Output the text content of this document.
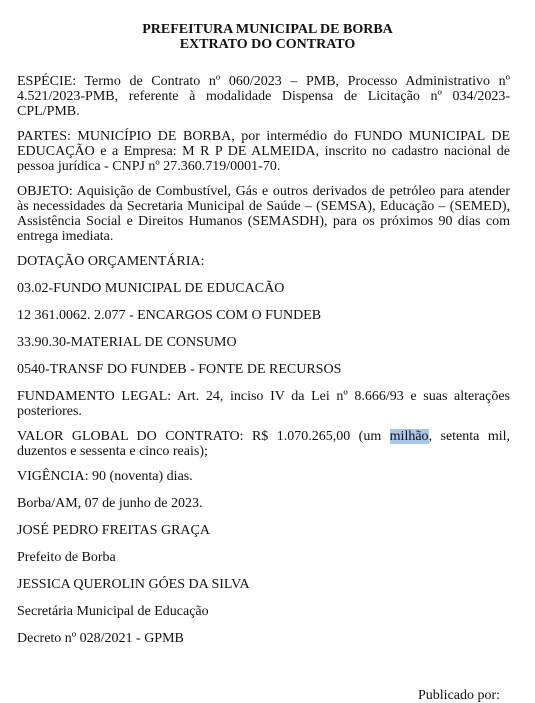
PREFEITURA MUNICIPAL DE BORBA
EXTRATO DO CONTRATO

ESPÉCIE: Termo de Contrato nº 060/2023 – PMB, Processo Administrativo nº 4.521/2023-PMB, referente à modalidade Dispensa de Licitação nº 034/2023-CPL/PMB.

PARTES: MUNICÍPIO DE BORBA, por intermédio do FUNDO MUNICIPAL DE EDUCAÇÃO e a Empresa: M R P DE ALMEIDA, inscrito no cadastro nacional de pessoa jurídica - CNPJ nº 27.360.719/0001-70.

OBJETO: Aquisição de Combustível, Gás e outros derivados de petróleo para atender às necessidades da Secretaria Municipal de Saúde – (SEMSA), Educação – (SEMED), Assistência Social e Direitos Humanos (SEMASDH), para os próximos 90 dias com entrega imediata.

DOTAÇÃO ORÇAMENTÁRIA:

03.02-FUNDO MUNICIPAL DE EDUCACÃO

12 361.0062. 2.077 - ENCARGOS COM O FUNDEB

33.90.30-MATERIAL DE CONSUMO

0540-TRANSF DO FUNDEB - FONTE DE RECURSOS

FUNDAMENTO LEGAL: Art. 24, inciso IV da Lei nº 8.666/93 e suas alterações posteriores.

VALOR GLOBAL DO CONTRATO: R$ 1.070.265,00 (um milhão, setenta mil, duzentos e sessenta e cinco reais);

VIGÊNCIA: 90 (noventa) dias.

Borba/AM, 07 de junho de 2023.

JOSÉ PEDRO FREITAS GRAÇA

Prefeito de Borba

JESSICA QUEROLIN GÓES DA SILVA

Secretária Municipal de Educação

Decreto nº 028/2021 - GPMB

Publicado por:
